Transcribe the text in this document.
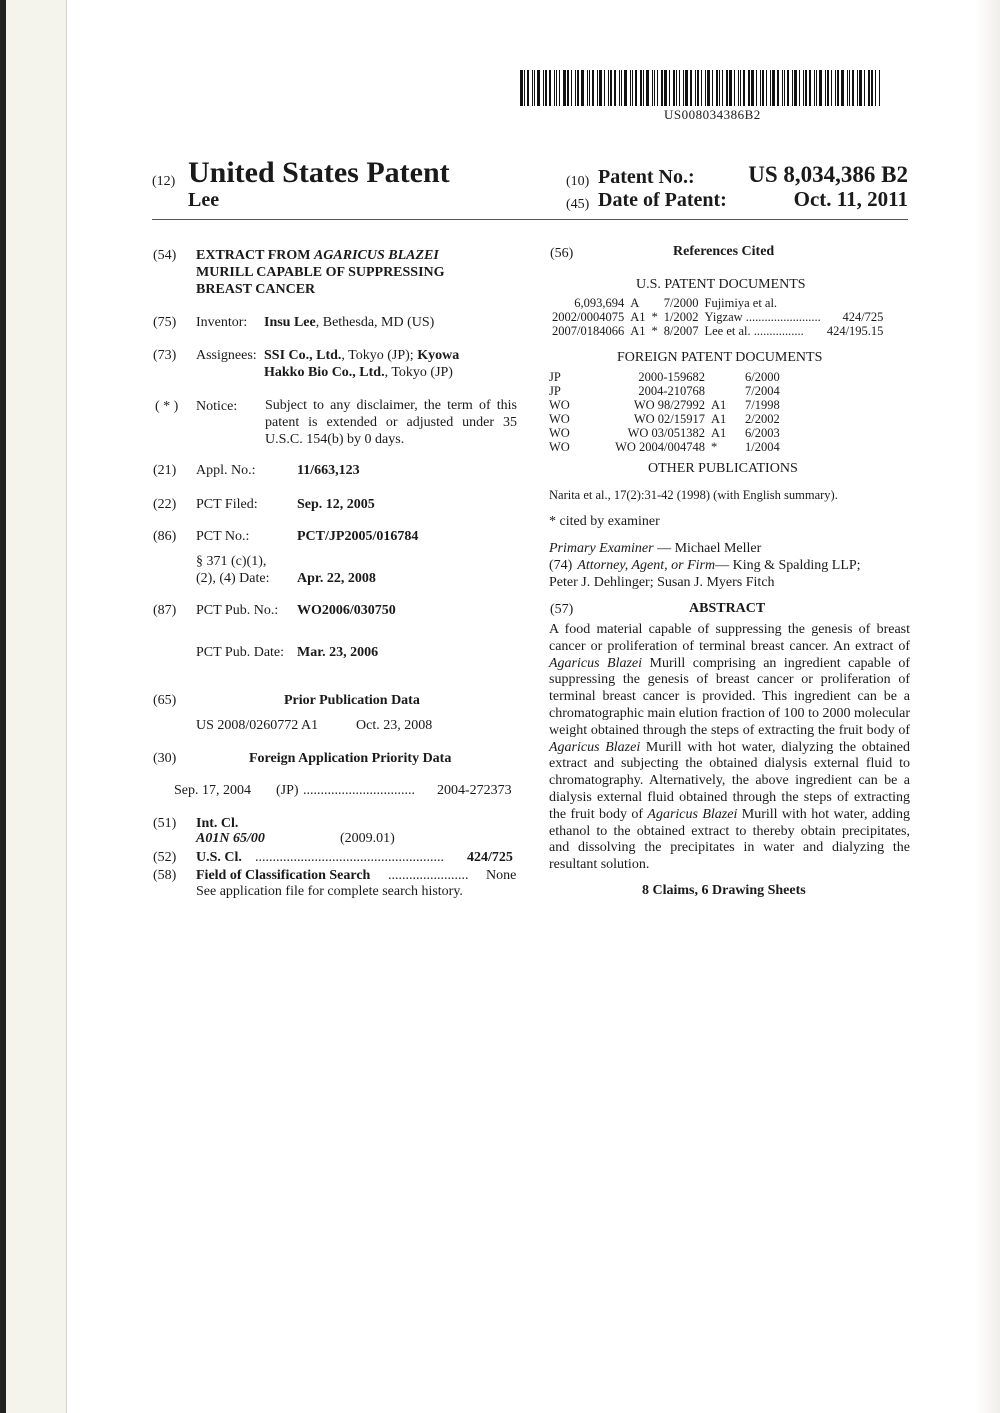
US008034386B2
(12) United States Patent
Lee
(10) Patent No.: US 8,034,386 B2
(45) Date of Patent:	Oct. 11, 2011
(54) EXTRACT FROM AGARICUS BLAZEI
MURILL CAPABLE OF SUPPRESSING
BREAST CANCER
(75) Inventor: Insu Lee, Bethesda, MD (US)
(73) Assignees: SSI Co., Ltd., Tokyo (JP); Kyowa
Hakko Bio Co., Ltd., Tokyo (JP)
( * ) Notice: Subject to any disclaimer, the term of this patent is extended or adjusted under 35 U.S.C. 154(b) by 0 days.
(21) Appl. No.:	11/663,123
(22) PCT Filed:	Sep. 12, 2005
(86) PCT No.:	PCT/JP2005/016784
§ 371 (c)(1),
(2), (4) Date: Apr. 22, 2008
(87) PCT Pub. No.: WO2006/030750
PCT Pub. Date: Mar. 23, 2006
(65)	Prior Publication Data
US 2008/0260772 A1	Oct. 23, 2008
(30)	Foreign Application Priority Data
Sep. 17, 2004 (JP) ................................	2004-272373
(51) Int. Cl.
A01N 65/00	(2009.01)
(52) U.S. Cl. ......................................................	424/725
(58) Field of Classification Search .......................	None
See application file for complete search history.
(56)	References Cited
U.S. PATENT DOCUMENTS
6,093,694	A		7/2000	Fujimiya et al.	
2002/0004075	A1	*	1/2002	Yigzaw ........................	424/725
2007/0184066	A1	*	8/2007	Lee et al. ................	424/195.15
FOREIGN PATENT DOCUMENTS
JP	2000-159682		6/2000
JP	2004-210768		7/2004
WO	WO 98/27992	A1	7/1998
WO	WO 02/15917	A1	2/2002
WO	WO 03/051382	A1	6/2003
WO	WO 2004/004748	*	1/2004
OTHER PUBLICATIONS
Narita et al., 17(2):31-42 (1998) (with English summary).
* cited by examiner
Primary Examiner — Michael Meller
(74) Attorney, Agent, or Firm — King & Spalding LLP;
Peter J. Dehlinger; Susan J. Myers Fitch
(57)	ABSTRACT
A food material capable of suppressing the genesis of breast cancer or proliferation of terminal breast cancer. An extract of Agaricus Blazei Murill comprising an ingredient capable of suppressing the genesis of breast cancer or proliferation of terminal breast cancer is provided. This ingredient can be a chromatographic main elution fraction of 100 to 2000 molecular weight obtained through the steps of extracting the fruit body of Agaricus Blazei Murill with hot water, dialyzing the obtained extract and subjecting the obtained dialysis external fluid to chromatography. Alternatively, the above ingredient can be a dialysis external fluid obtained through the steps of extracting the fruit body of Agaricus Blazei Murill with hot water, adding ethanol to the obtained extract to thereby obtain precipitates, and dissolving the precipitates in water and dialyzing the resultant solution.
8 Claims, 6 Drawing Sheets
